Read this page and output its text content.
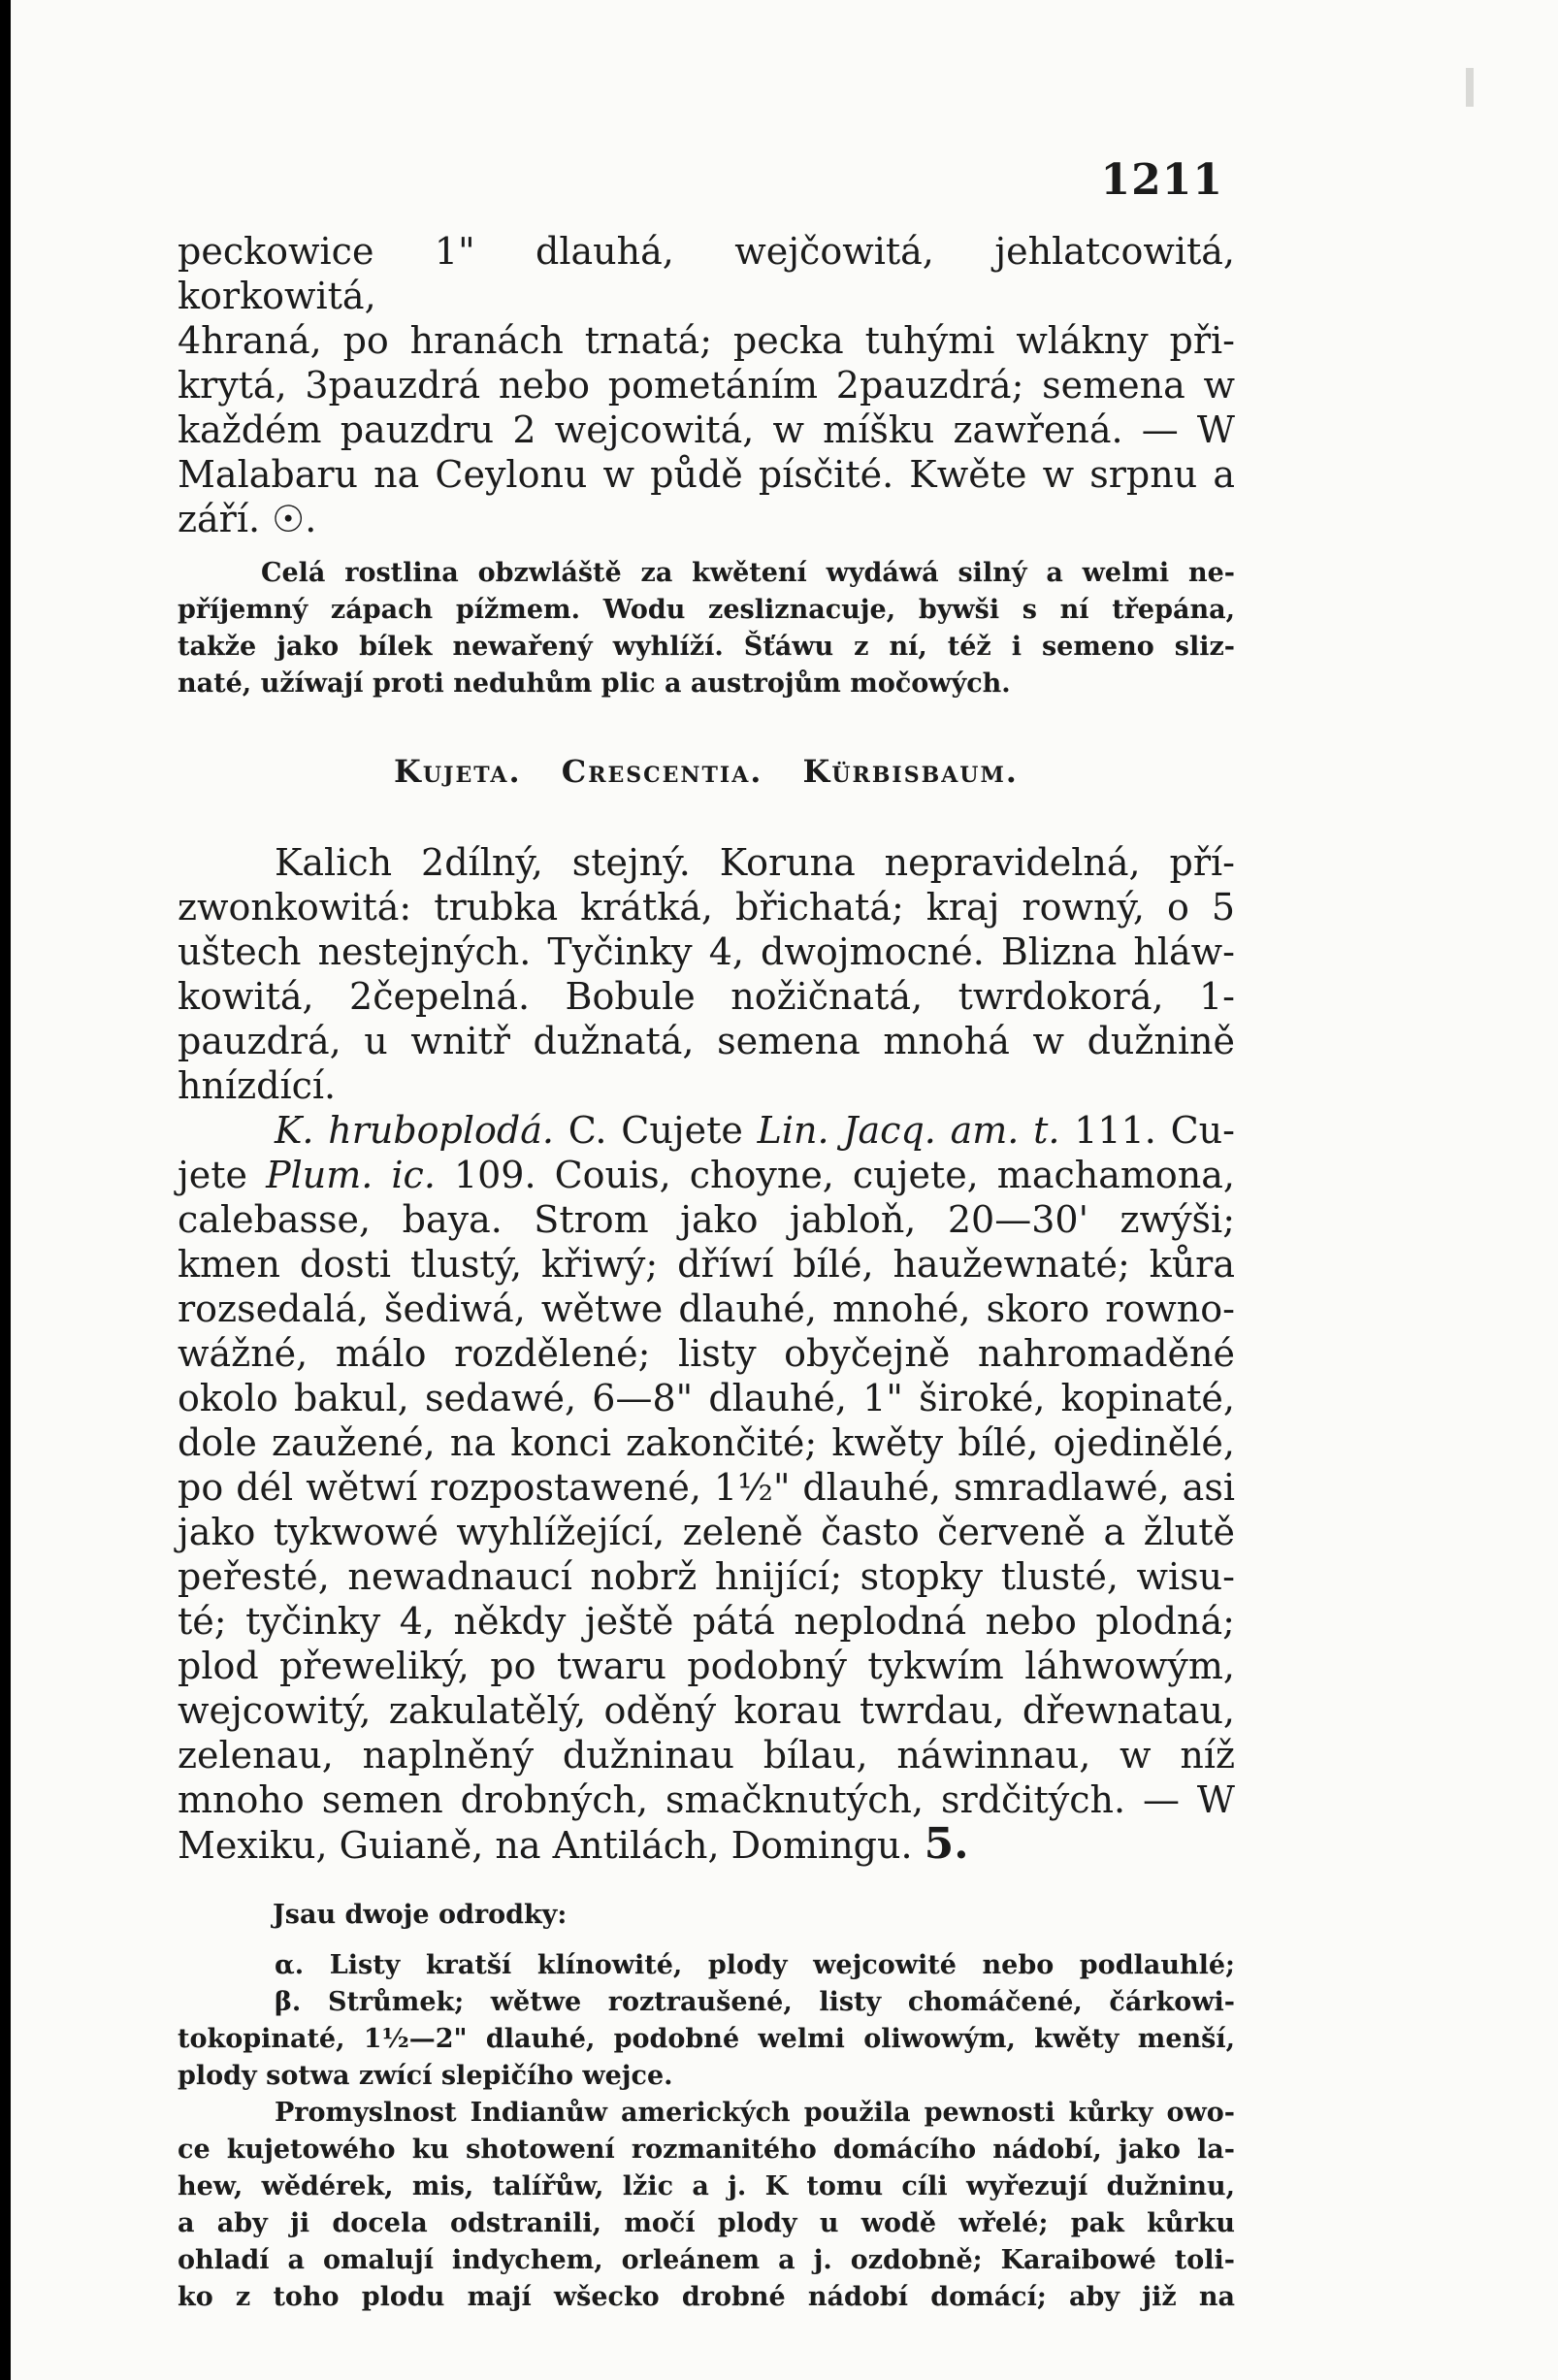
1211

peckowice 1" dlauhá, wejčowitá, jehlatcowitá, korkowitá,
4hraná, po hranách trnatá; pecka tuhými wlákny při-
krytá, 3pauzdrá nebo pometáním 2pauzdrá; semena w
každém pauzdru 2 wejcowitá, w míšku zawřená. — W
Malabaru na Ceylonu w půdě písčité. Kwěte w srpnu a
září. ☉.

Celá rostlina obzwláště za kwětení wydáwá silný a welmi ne-
příjemný zápach pížmem. Wodu zesliznacuje, bywši s ní třepána,
takže jako bílek newařený wyhlíží. Šťáwu z ní, též i semeno sliz-
naté, užíwají proti neduhům plic a austrojům močowých.

Kujeta. Crescentia. Kürbisbaum.

Kalich 2dílný, stejný. Koruna nepravidelná, pří-
zwonkowitá: trubka krátká, břichatá; kraj rowný, o 5
uštech nestejných. Tyčinky 4, dwojmocné. Blizna hláw-
kowitá, 2čepelná. Bobule nožičnatá, twrdokorá, 1-
pauzdrá, u wnitř dužnatá, semena mnohá w dužnině
hnízdící.

K. hruboplodá. C. Cujete Lin. Jacq. am. t. 111. Cu-
jete Plum. ic. 109. Couis, choyne, cujete, machamona,
calebasse, baya. Strom jako jabloň, 20—30' zwýši;
kmen dosti tlustý, křiwý; dříwí bílé, haužewnaté; kůra
rozsedalá, šediwá, wětwe dlauhé, mnohé, skoro rowno-
wážné, málo rozdělené; listy obyčejně nahromaděné
okolo bakul, sedawé, 6—8" dlauhé, 1" široké, kopinaté,
dole zaužené, na konci zakončité; kwěty bílé, ojedinělé,
po dél wětwí rozpostawené, 1½" dlauhé, smradlawé, asi
jako tykwowé wyhlížející, zeleně často červeně a žlutě
peřesté, newadnaucí nobrž hnijící; stopky tlusté, wisu-
té; tyčinky 4, někdy ještě pátá neplodná nebo plodná;
plod přeweliký, po twaru podobný tykwím láhwowým,
wejcowitý, zakulatělý, oděný korau twrdau, dřewnatau,
zelenau, naplněný dužninau bílau, náwinnau, w níž
mnoho semen drobných, smačknutých, srdčitých. — W
Mexiku, Guianě, na Antilách, Domingu. 5.

Jsau dwoje odrodky:

α. Listy kratší klínowité, plody wejcowité nebo podlauhlé;
β. Strůmek; wětwe roztraušené, listy chomáčené, čárkowi-
tokopinaté, 1½—2" dlauhé, podobné welmi oliwowým, kwěty menší,
plody sotwa zwící slepičího wejce.

Promyslnost Indianůw amerických použila pewnosti kůrky owo-
ce kujetowého ku shotowení rozmanitého domácího nádobí, jako la-
hew, wědérek, mis, talířůw, lžic a j. K tomu cíli wyřezují dužninu,
a aby ji docela odstranili, močí plody u wodě wřelé; pak kůrku
ohladí a omalují indychem, orleánem a j. ozdobně; Karaibowé toli-
ko z toho plodu mají wšecko drobné nádobí domácí; aby již na
